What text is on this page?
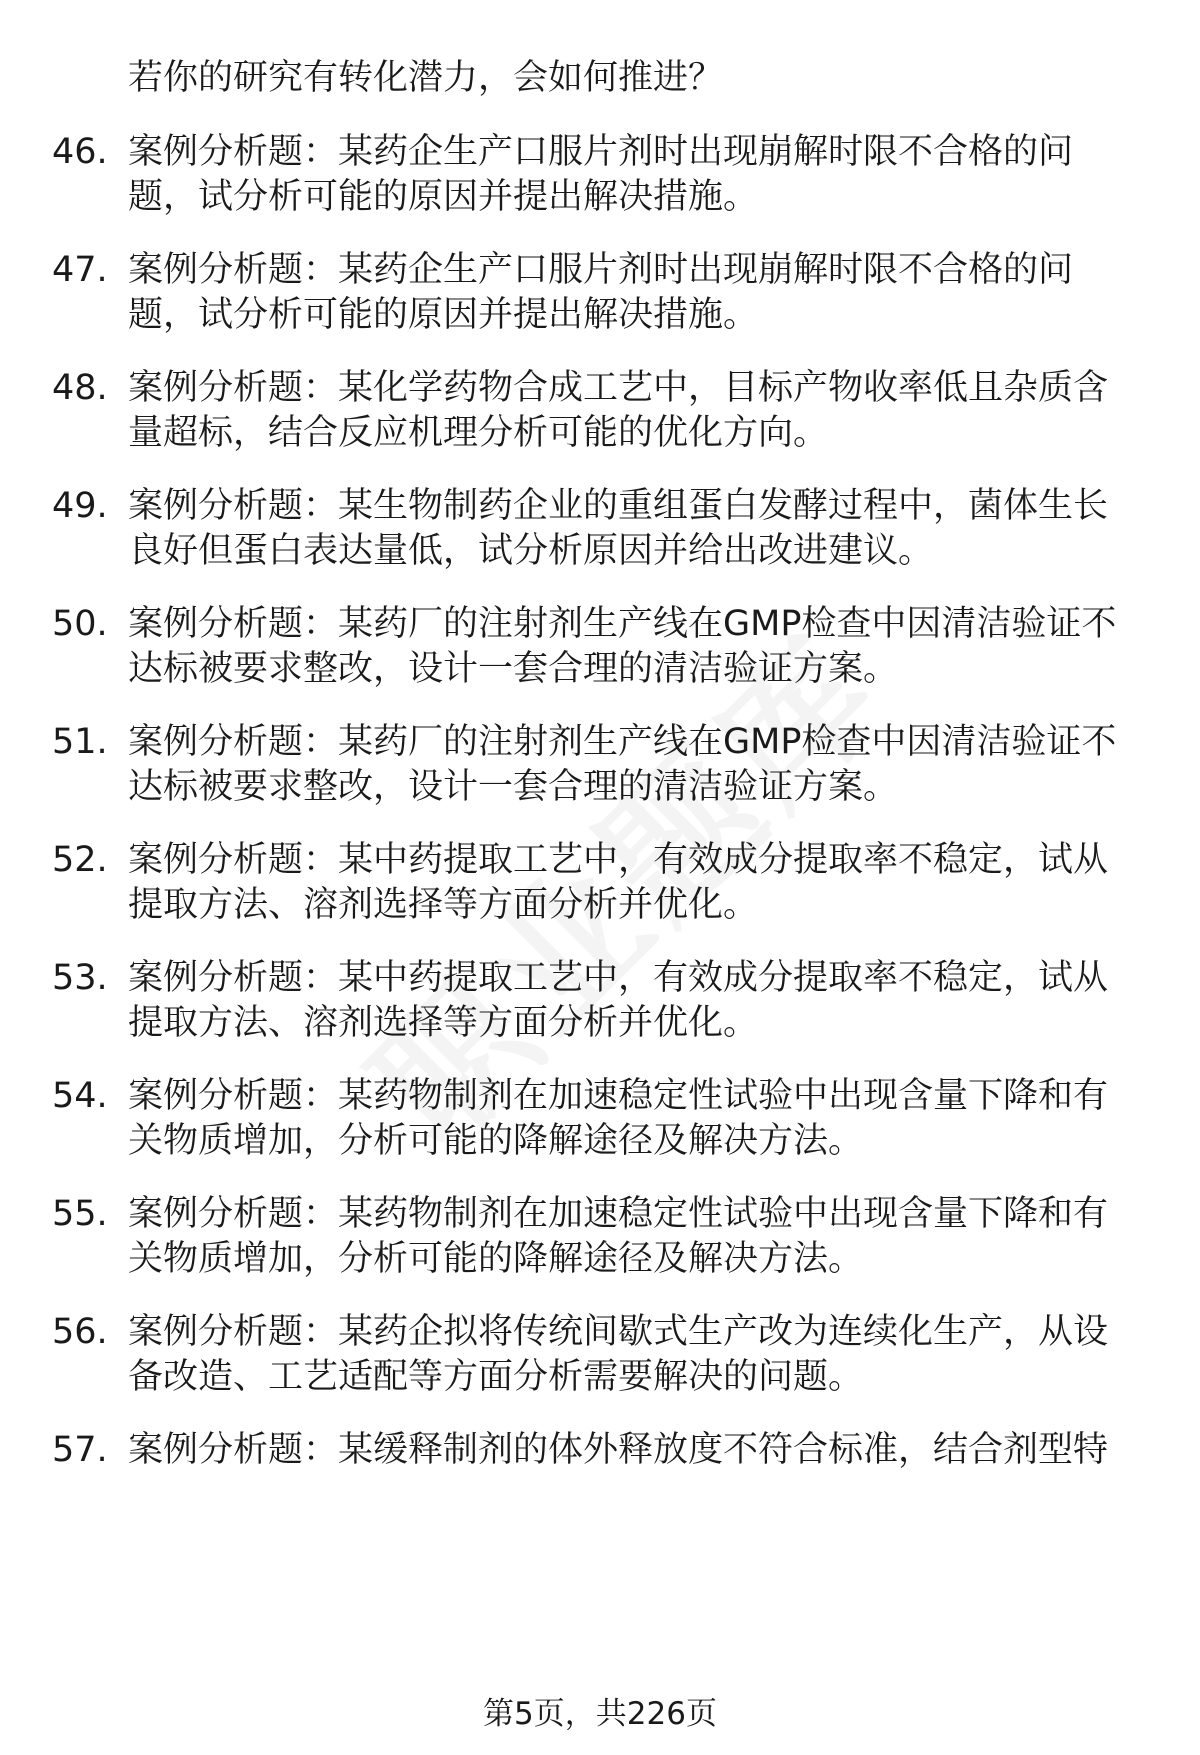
若你的研究有转化潜力，会如何推进？
46. 案例分析题：某药企生产口服片剂时出现崩解时限不合格的问
题，试分析可能的原因并提出解决措施。
47. 案例分析题：某药企生产口服片剂时出现崩解时限不合格的问
题，试分析可能的原因并提出解决措施。
48. 案例分析题：某化学药物合成工艺中，目标产物收率低且杂质含
量超标，结合反应机理分析可能的优化方向。
49. 案例分析题：某生物制药企业的重组蛋白发酵过程中，菌体生长
良好但蛋白表达量低，试分析原因并给出改进建议。
50. 案例分析题：某药厂的注射剂生产线在GMP检查中因清洁验证不
达标被要求整改，设计一套合理的清洁验证方案。
51. 案例分析题：某药厂的注射剂生产线在GMP检查中因清洁验证不
达标被要求整改，设计一套合理的清洁验证方案。
52. 案例分析题：某中药提取工艺中，有效成分提取率不稳定，试从
提取方法、溶剂选择等方面分析并优化。
53. 案例分析题：某中药提取工艺中，有效成分提取率不稳定，试从
提取方法、溶剂选择等方面分析并优化。
54. 案例分析题：某药物制剂在加速稳定性试验中出现含量下降和有
关物质增加，分析可能的降解途径及解决方法。
55. 案例分析题：某药物制剂在加速稳定性试验中出现含量下降和有
关物质增加，分析可能的降解途径及解决方法。
56. 案例分析题：某药企拟将传统间歇式生产改为连续化生产，从设
备改造、工艺适配等方面分析需要解决的问题。
57. 案例分析题：某缓释制剂的体外释放度不符合标准，结合剂型特
第5页，共226页
